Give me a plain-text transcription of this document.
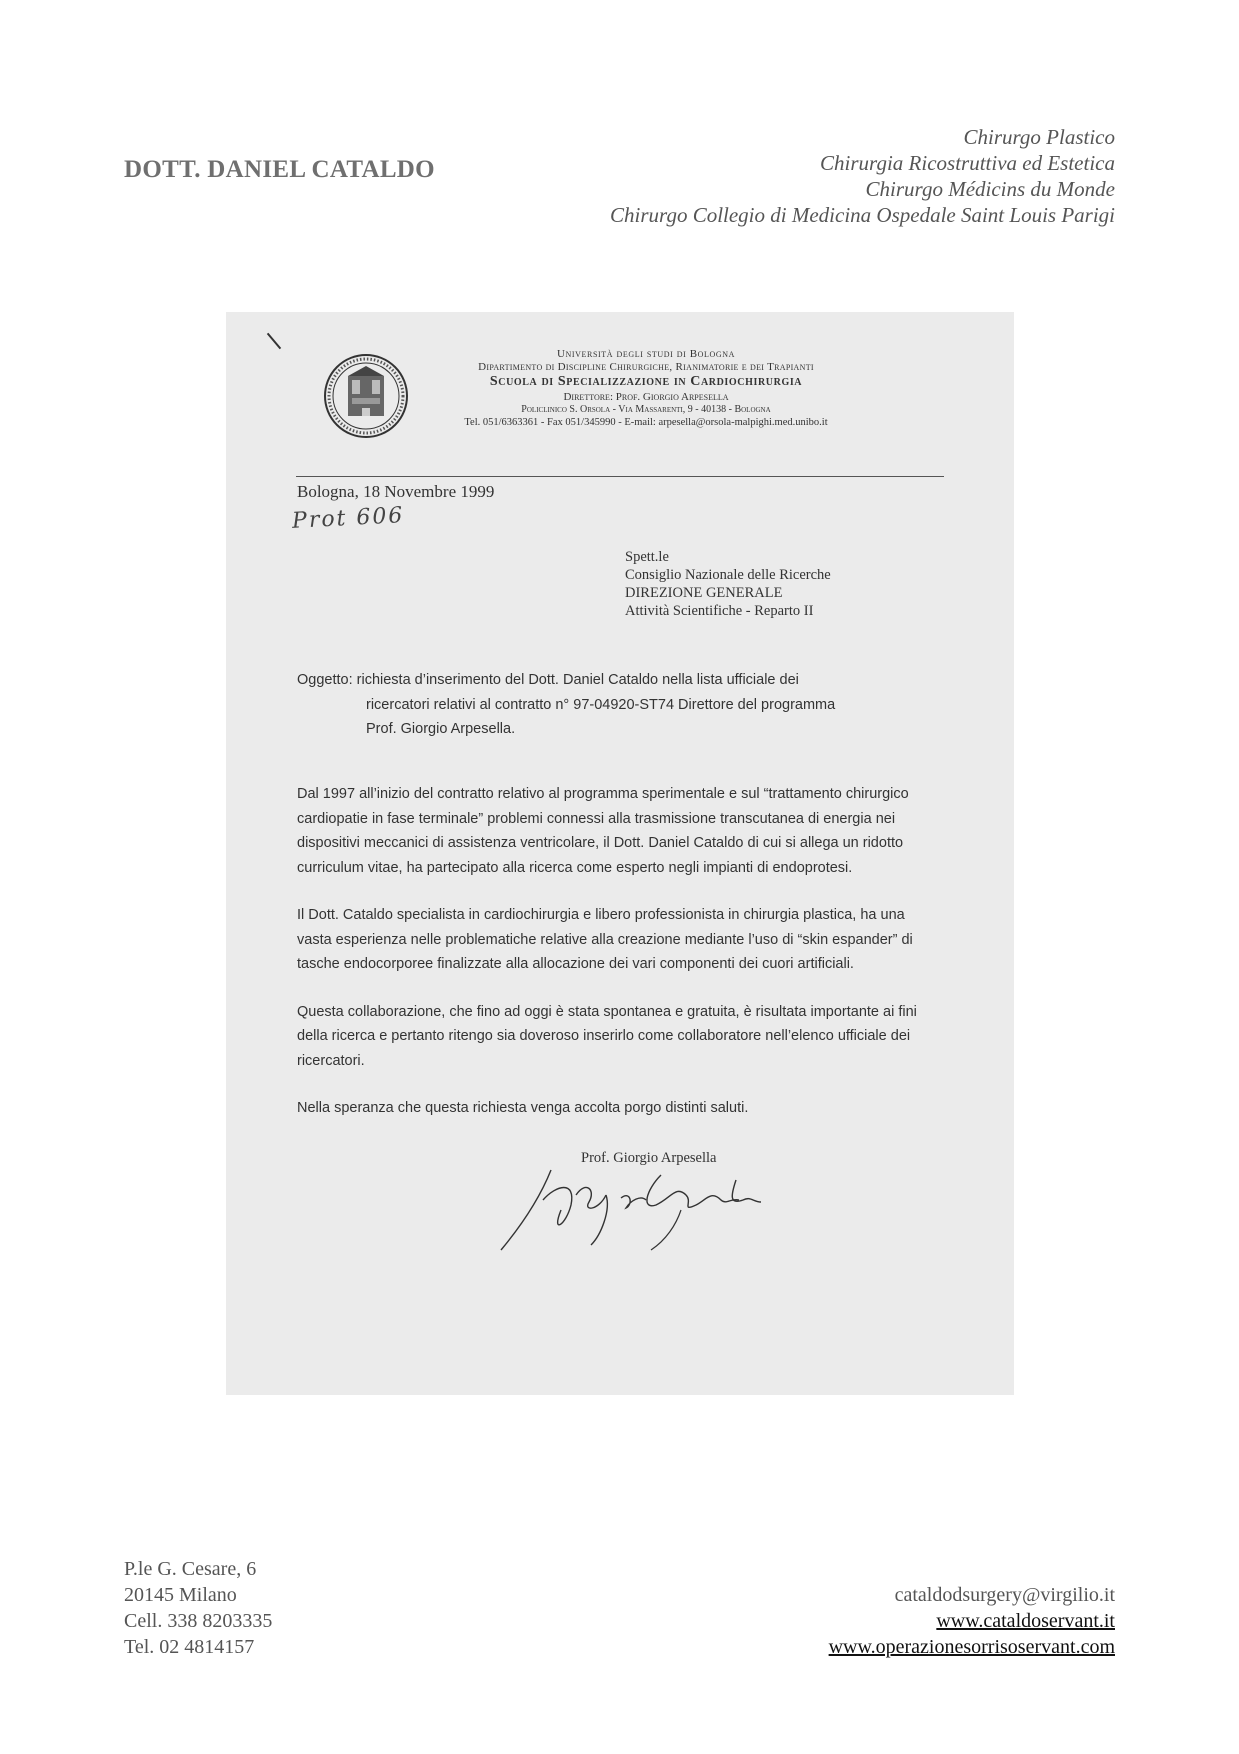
DOTT. DANIEL CATALDO
Chirurgo Plastico
Chirurgia Ricostruttiva ed Estetica
Chirurgo Médicins du Monde
Chirurgo Collegio di Medicina Ospedale Saint Louis Parigi
Università degli studi di Bologna
Dipartimento di Discipline Chirurgiche, Rianimatorie e dei Trapianti
Scuola di Specializzazione in Cardiochirurgia
Direttore: Prof. Giorgio Arpesella
Policlinico S. Orsola - Via Massarenti, 9 - 40138 - Bologna
Tel. 051/6363361 - Fax 051/345990 - E-mail: arpesella@orsola-malpighi.med.unibo.it
Bologna, 18 Novembre 1999
Prot 606
Spett.le
Consiglio Nazionale delle Ricerche
DIREZIONE GENERALE
Attività Scientifiche - Reparto II
Oggetto: richiesta d’inserimento del Dott. Daniel Cataldo nella lista ufficiale dei
ricercatori relativi al contratto n° 97-04920-ST74 Direttore del programma
Prof. Giorgio Arpesella.

Dal 1997 all’inizio del contratto relativo al programma sperimentale e sul “trattamento chirurgico cardiopatie in fase terminale” problemi connessi alla trasmissione transcutanea di energia nei dispositivi meccanici di assistenza ventricolare, il Dott. Daniel Cataldo di cui si allega un ridotto curriculum vitae, ha partecipato alla ricerca come esperto negli impianti di endoprotesi.

Il Dott. Cataldo specialista in cardiochirurgia e libero professionista in chirurgia plastica, ha una vasta esperienza nelle problematiche relative alla creazione mediante l’uso di “skin espander” di tasche endocorporee finalizzate alla allocazione dei vari componenti dei cuori artificiali.

Questa collaborazione, che fino ad oggi è stata spontanea e gratuita, è risultata importante ai fini della ricerca e pertanto ritengo sia doveroso inserirlo come collaboratore nell’elenco ufficiale dei ricercatori.

Nella speranza che questa richiesta venga accolta porgo distinti saluti.

Prof. Giorgio Arpesella
P.le G. Cesare, 6
20145 Milano
Cell. 338 8203335
Tel. 02 4814157
cataldodsurgery@virgilio.it
www.cataldoservant.it
www.operazionesorrisoservant.com
